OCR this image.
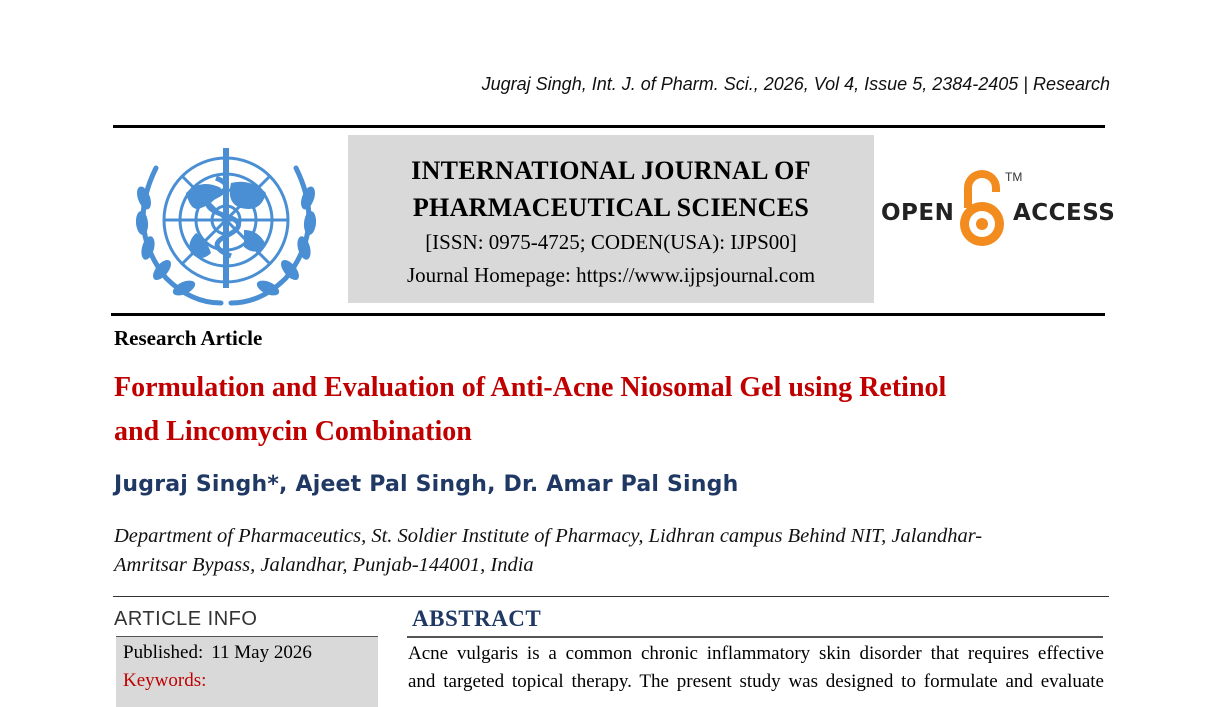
Jugraj Singh, Int. J. of Pharm. Sci., 2026, Vol 4, Issue 5, 2384-2405 | Research
INTERNATIONAL JOURNAL OF
PHARMACEUTICAL SCIENCES
[ISSN: 0975-4725; CODEN(USA): IJPS00]
Journal Homepage: https://www.ijpsjournal.com
OPEN
TM
ACCESS
Research Article
Formulation and Evaluation of Anti-Acne Niosomal Gel using Retinol
and Lincomycin Combination
Jugraj Singh*, Ajeet Pal Singh, Dr. Amar Pal Singh
Department of Pharmaceutics, St. Soldier Institute of Pharmacy, Lidhran campus Behind NIT, Jalandhar-
Amritsar Bypass, Jalandhar, Punjab-144001, India
ARTICLE INFO
Published: 11 May 2026
Keywords:
ABSTRACT
Acne vulgaris is a common chronic inflammatory skin disorder that requires effective
and targeted topical therapy. The present study was designed to formulate and evaluate
